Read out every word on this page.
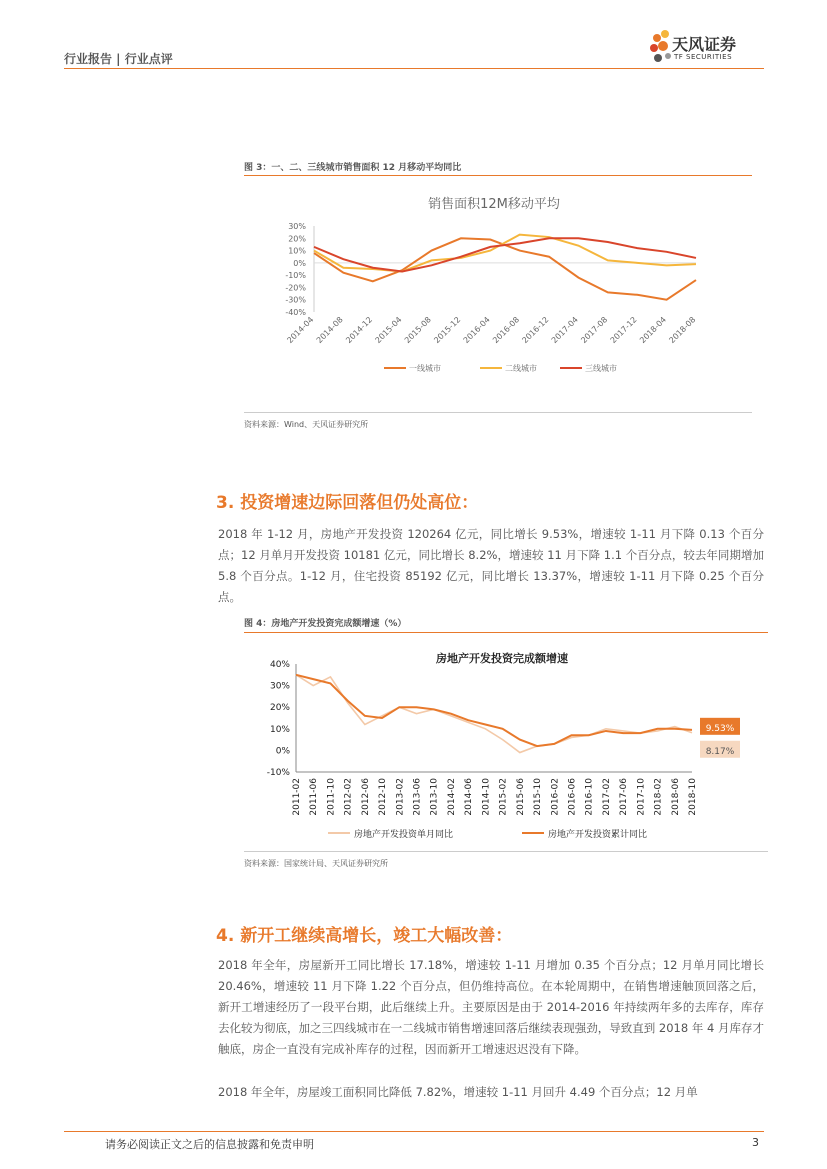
行业报告 | 行业点评
天风证券
TF SECURITIES
图 3：一、二、三线城市销售面积 12 月移动平均同比
销售面积12M移动平均
30%
20%
10%
0%
-10%
-20%
-30%
-40%
2014-04 2014-08 2014-12 2015-04 2015-08 2015-12 2016-04 2016-08 2016-12 2017-04 2017-08 2017-12 2018-04 2018-08
一线城市	二线城市	三线城市
资料来源：Wind、天风证券研究所
3. 投资增速边际回落但仍处高位：

2018 年 1-12 月，房地产开发投资 120264 亿元，同比增长 9.53%，增速较 1-11 月下降 0.13 个百分点；12 月单月开发投资 10181 亿元，同比增长 8.2%，增速较 11 月下降 1.1 个百分点，较去年同期增加 5.8 个百分点。1-12 月，住宅投资 85192 亿元，同比增长 13.37%，增速较 1-11 月下降 0.25 个百分点。

图 4：房地产开发投资完成额增速（%）
房地产开发投资完成额增速
40%
30%
20%
10%
0%
-10%
2011-02 2011-06 2011-10 2012-02 2012-06 2012-10 2013-02 2013-06 2013-10 2014-02 2014-06 2014-10 2015-02 2015-06 2015-10 2016-02 2016-06 2016-10 2017-02 2017-06 2017-10 2018-02 2018-06 2018-10
9.53%
8.17%
房地产开发投资单月同比	房地产开发投资累计同比
资料来源：国家统计局、天风证券研究所
4. 新开工继续高增长，竣工大幅改善：

2018 年全年，房屋新开工同比增长 17.18%，增速较 1-11 月增加 0.35 个百分点；12 月单月同比增长 20.46%，增速较 11 月下降 1.22 个百分点，但仍维持高位。在本轮周期中，在销售增速触顶回落之后，新开工增速经历了一段平台期，此后继续上升。主要原因是由于 2014-2016 年持续两年多的去库存，库存去化较为彻底，加之三四线城市在一二线城市销售增速回落后继续表现强劲，导致直到 2018 年 4 月库存才触底，房企一直没有完成补库存的过程，因而新开工增速迟迟没有下降。

2018 年全年，房屋竣工面积同比降低 7.82%，增速较 1-11 月回升 4.49 个百分点；12 月单

请务必阅读正文之后的信息披露和免责申明	3
